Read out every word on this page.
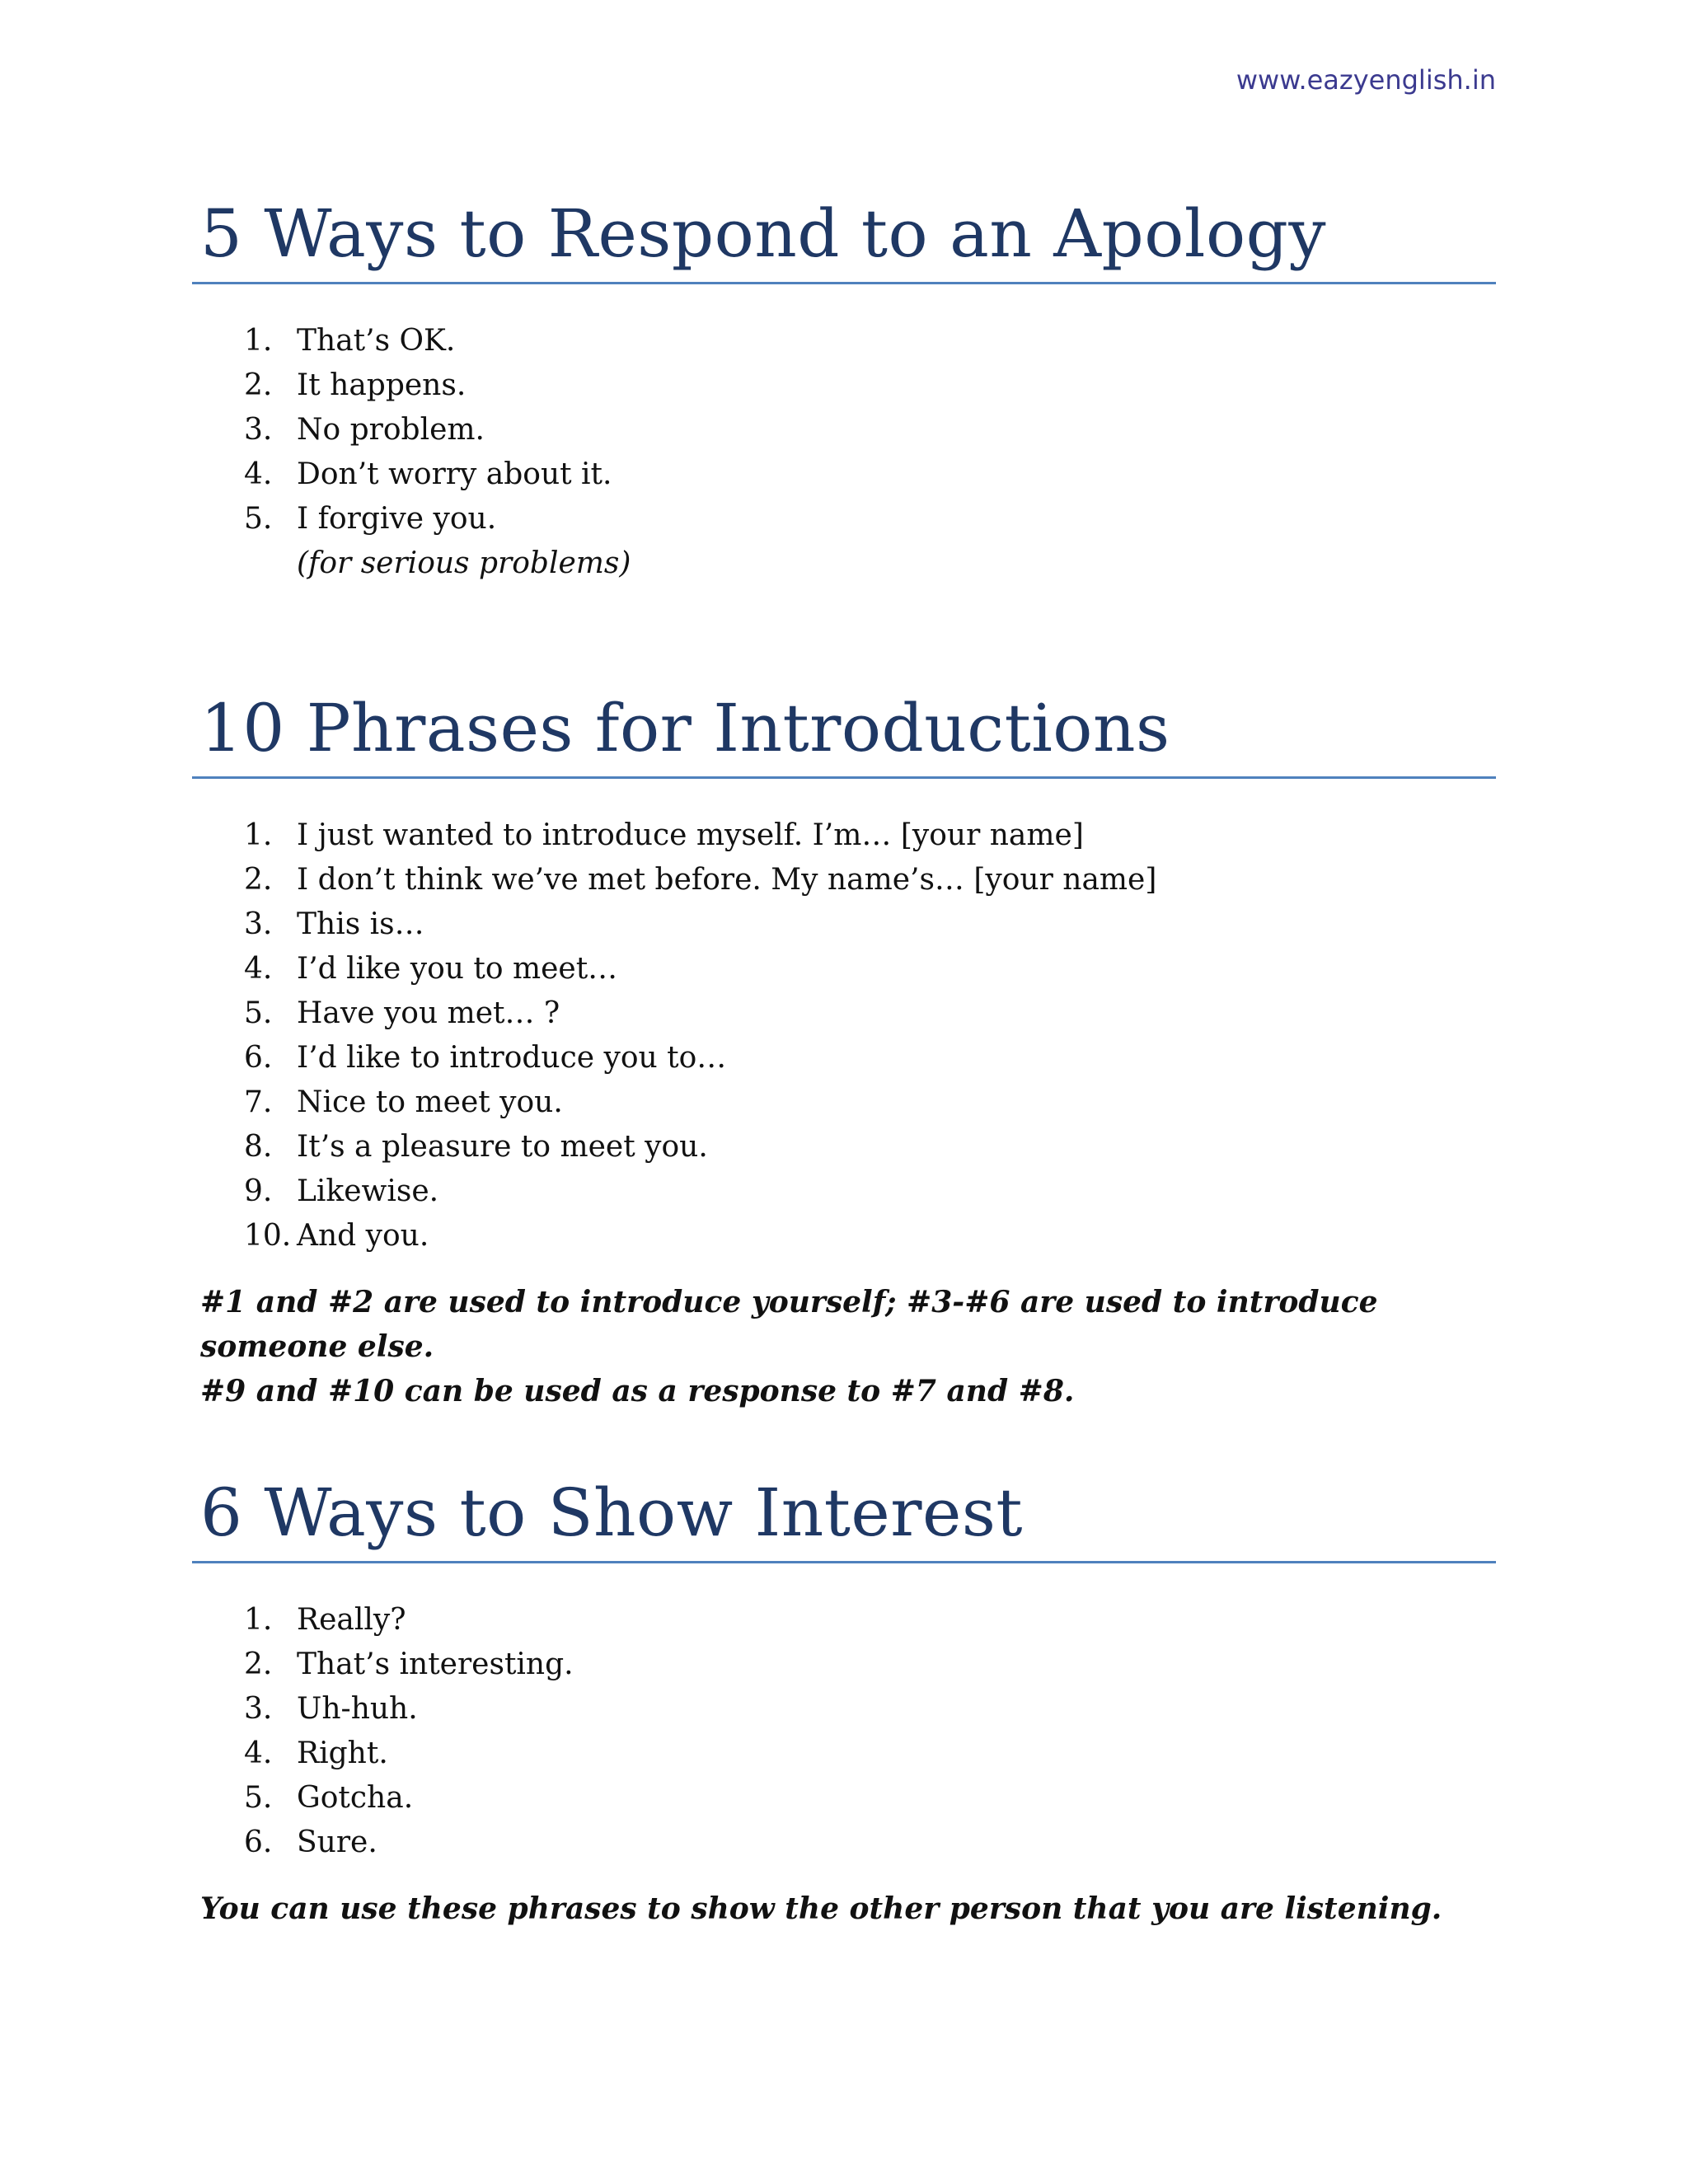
www.eazyenglish.in
5 Ways to Respond to an Apology
1. That’s OK.
2. It happens.
3. No problem.
4. Don’t worry about it.
5. I forgive you.
(for serious problems)
10 Phrases for Introductions
1. I just wanted to introduce myself. I’m… [your name]
2. I don’t think we’ve met before. My name’s… [your name]
3. This is…
4. I’d like you to meet…
5. Have you met… ?
6. I’d like to introduce you to…
7. Nice to meet you.
8. It’s a pleasure to meet you.
9. Likewise.
10. And you.
#1 and #2 are used to introduce yourself; #3-#6 are used to introduce someone else.
#9 and #10 can be used as a response to #7 and #8.
6 Ways to Show Interest
1. Really?
2. That’s interesting.
3. Uh-huh.
4. Right.
5. Gotcha.
6. Sure.
You can use these phrases to show the other person that you are listening.
